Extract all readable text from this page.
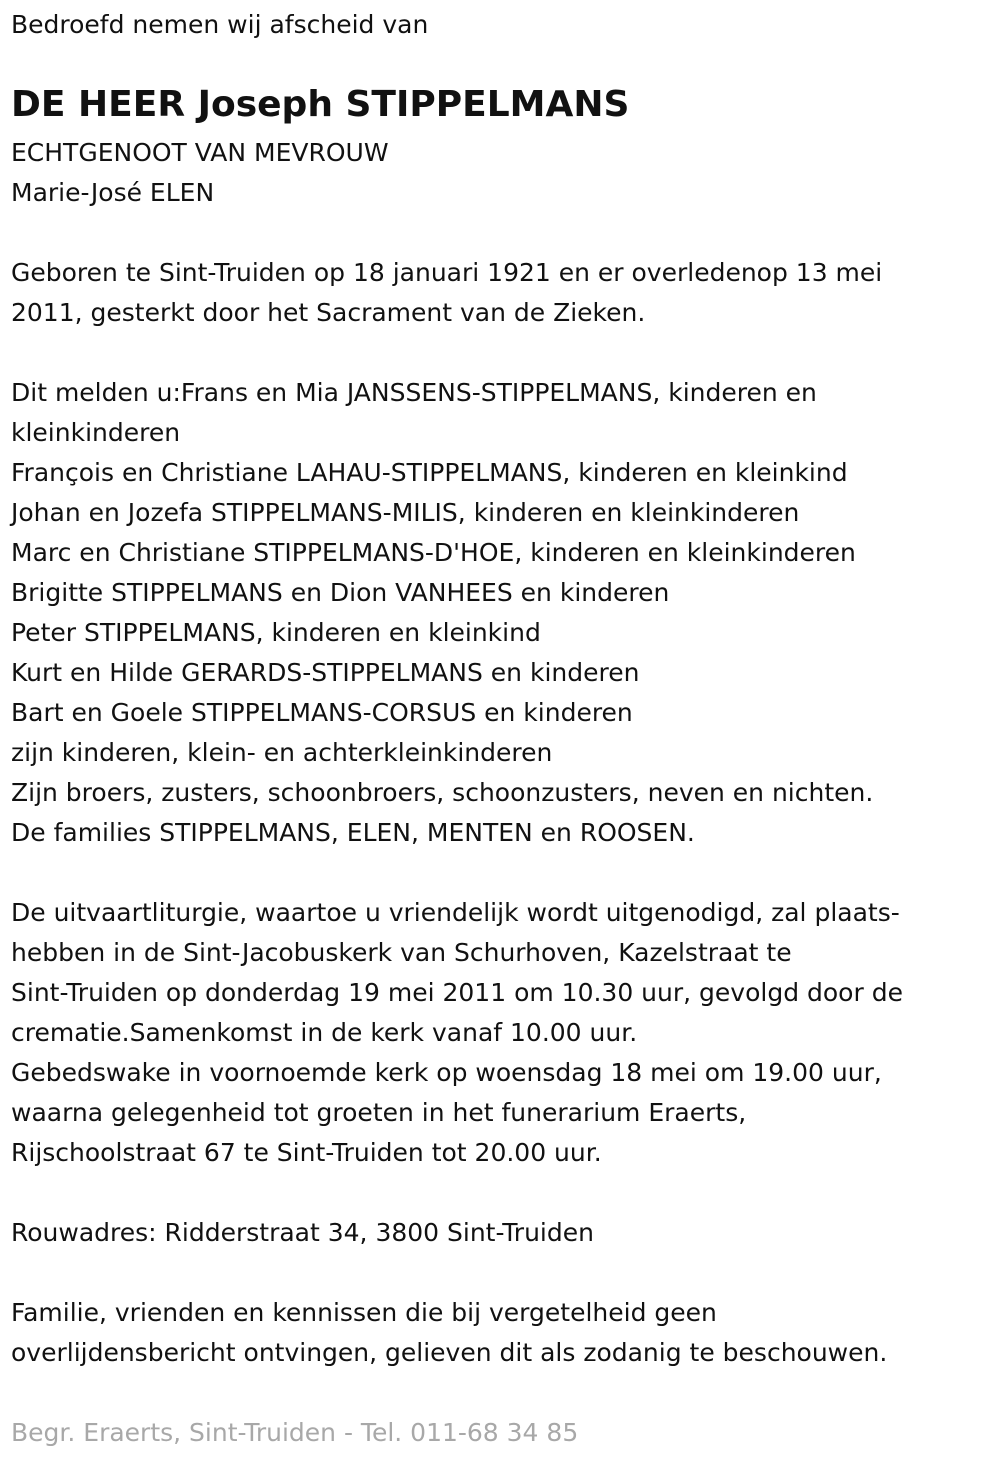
Bedroefd nemen wij afscheid van

DE HEER Joseph STIPPELMANS

ECHTGENOOT VAN MEVROUW

Marie-José ELEN

Geboren te Sint-Truiden op 18 januari 1921 en er overledenop 13 mei

2011, gesterkt door het Sacrament van de Zieken.

Dit melden u:Frans en Mia JANSSENS-STIPPELMANS, kinderen en

kleinkinderen

François en Christiane LAHAU-STIPPELMANS, kinderen en kleinkind

Johan en Jozefa STIPPELMANS-MILIS, kinderen en kleinkinderen

Marc en Christiane STIPPELMANS-D'HOE, kinderen en kleinkinderen

Brigitte STIPPELMANS en Dion VANHEES en kinderen

Peter STIPPELMANS, kinderen en kleinkind

Kurt en Hilde GERARDS-STIPPELMANS en kinderen

Bart en Goele STIPPELMANS-CORSUS en kinderen

zijn kinderen, klein- en achterkleinkinderen

Zijn broers, zusters, schoonbroers, schoonzusters, neven en nichten.

De families STIPPELMANS, ELEN, MENTEN en ROOSEN.

De uitvaartliturgie, waartoe u vriendelijk wordt uitgenodigd, zal plaats-

hebben in de Sint-Jacobuskerk van Schurhoven, Kazelstraat te

Sint-Truiden op donderdag 19 mei 2011 om 10.30 uur, gevolgd door de

crematie.Samenkomst in de kerk vanaf 10.00 uur.

Gebedswake in voornoemde kerk op woensdag 18 mei om 19.00 uur,

waarna gelegenheid tot groeten in het funerarium Eraerts,

Rijschoolstraat 67 te Sint-Truiden tot 20.00 uur.

Rouwadres: Ridderstraat 34, 3800 Sint-Truiden

Familie, vrienden en kennissen die bij vergetelheid geen

overlijdensbericht ontvingen, gelieven dit als zodanig te beschouwen.

Begr. Eraerts, Sint-Truiden - Tel. 011-68 34 85
